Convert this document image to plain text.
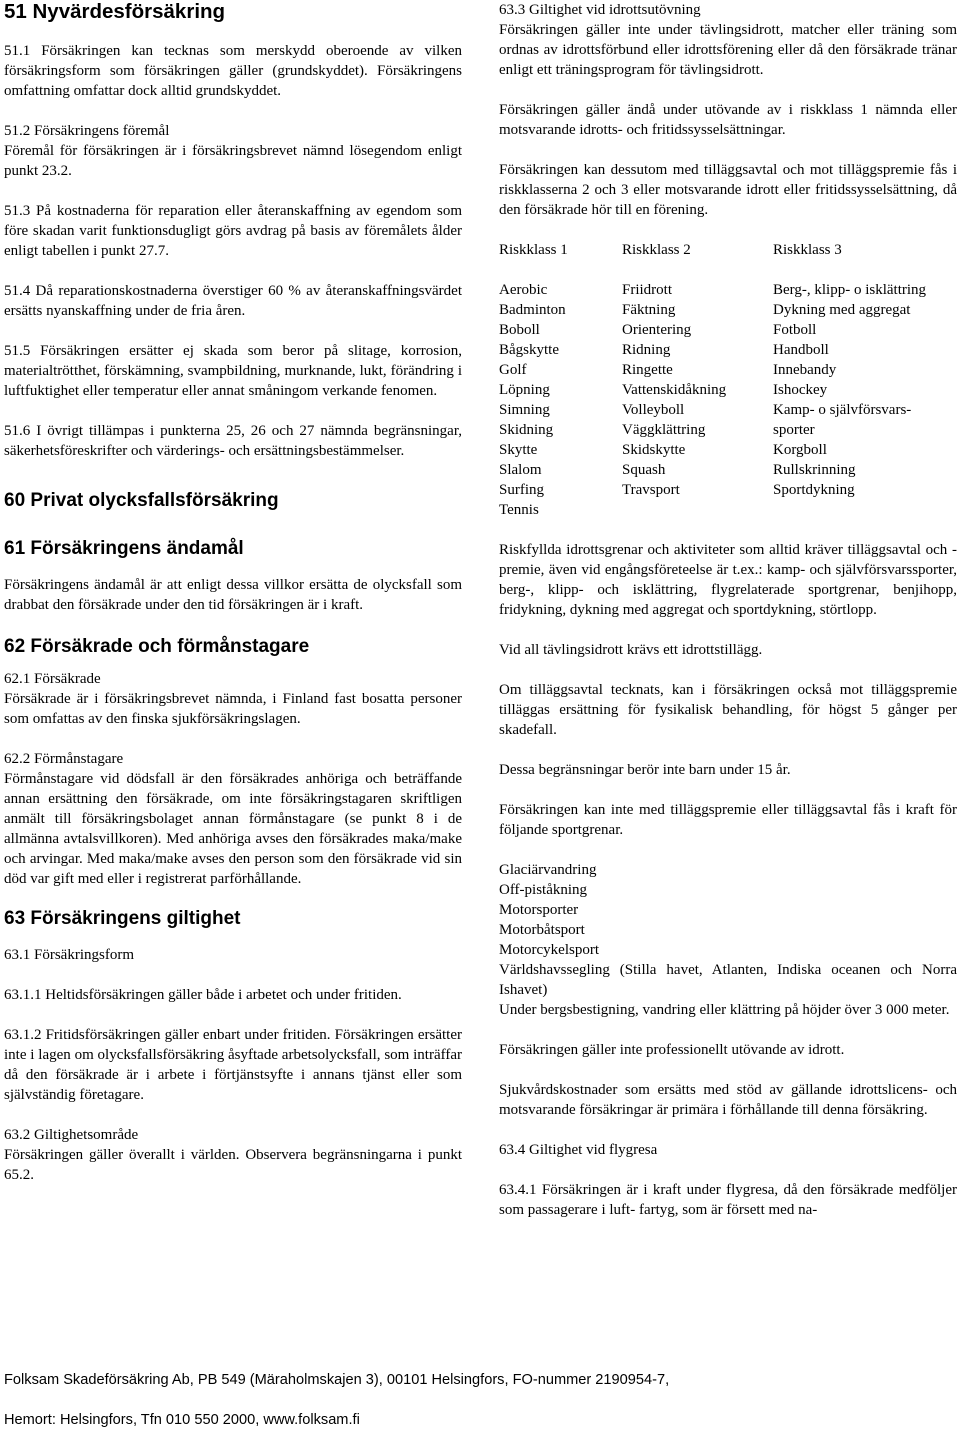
51 Nyvärdesförsäkring

51.1 Försäkringen kan tecknas som merskydd oberoende av vilken försäkringsform som försäkringen gäller (grundskyddet). Försäkringens omfattning omfattar dock alltid grundskyddet.

51.2 Försäkringens föremål

Föremål för försäkringen är i försäkringsbrevet nämnd lösegendom enligt punkt 23.2.

51.3 På kostnaderna för reparation eller återanskaffning av egendom som före skadan varit funktionsdugligt görs avdrag på basis av föremålets ålder enligt tabellen i punkt 27.7.

51.4 Då reparationskostnaderna överstiger 60 % av återanskaffningsvärdet ersätts nyanskaffning under de fria åren.

51.5 Försäkringen ersätter ej skada som beror på slitage, korrosion, materialtrötthet, förskämning, svampbildning, murknande, lukt, förändring i luftfuktighet eller temperatur eller annat småningom verkande fenomen.

51.6 I övrigt tillämpas i punkterna 25, 26 och 27 nämnda begränsningar, säkerhetsföreskrifter och värderings- och ersättningsbestämmelser.

60 Privat olycksfallsförsäkring
61 Försäkringens ändamål

Försäkringens ändamål är att enligt dessa villkor ersätta de olycksfall som drabbat den försäkrade under den tid försäkringen är i kraft.

62 Försäkrade och förmånstagare

62.1 Försäkrade

Försäkrade är i försäkringsbrevet nämnda, i Finland fast bosatta personer som omfattas av den finska sjukförsäkringslagen.

62.2 Förmånstagare

Förmånstagare vid dödsfall är den försäkrades anhöriga och beträffande annan ersättning den försäkrade, om inte försäkringstagaren skriftligen anmält till försäkringsbolaget annan förmånstagare (se punkt 8 i de allmänna avtalsvillkoren). Med anhöriga avses den försäkrades maka/make och arvingar. Med maka/make avses den person som den försäkrade vid sin död var gift med eller i registrerat parförhållande.

63 Försäkringens giltighet

63.1 Försäkringsform

63.1.1 Heltidsförsäkringen gäller både i arbetet och under fritiden.

63.1.2 Fritidsförsäkringen gäller enbart under fritiden. Försäkringen ersätter inte i lagen om olycksfallsförsäkring åsyftade arbetsolycksfall, som inträffar då den försäkrade är i arbete i förtjänstsyfte i annans tjänst eller som självständig företagare.

63.2 Giltighetsområde

Försäkringen gäller överallt i världen. Observera begränsningarna i punkt 65.2.

63.3 Giltighet vid idrottsutövning

Försäkringen gäller inte under tävlingsidrott, matcher eller träning som ordnas av idrottsförbund eller idrottsförening eller då den försäkrade tränar enligt ett träningsprogram för tävlingsidrott.

Försäkringen gäller ändå under utövande av i riskklass 1 nämnda eller motsvarande idrotts- och fritidssysselsättningar.

Försäkringen kan dessutom med tilläggsavtal och mot tilläggspremie fås i riskklasserna 2 och 3 eller motsvarande idrott eller fritidssysselsättning, då den försäkrade hör till en förening.

Riskklass 1	Riskklass 2	Riskklass 3
Aerobic	Friidrott	Berg-, klipp- o isklättring
Badminton	Fäktning	Dykning med aggregat
Boboll	Orientering	Fotboll
Bågskytte	Ridning	Handboll
Golf	Ringette	Innebandy
Löpning	Vattenskidåkning	Ishockey
Simning	Volleyboll	Kamp- o självförsvars-
Skidning	Väggklättring	sporter
Skytte	Skidskytte	Korgboll
Slalom	Squash	Rullskrinning
Surfing	Travsport	Sportdykning
Tennis

Riskfyllda idrottsgrenar och aktiviteter som alltid kräver tilläggsavtal och -premie, även vid engångsföreteelse är t.ex.: kamp- och självförsvarssporter, berg-, klipp- och isklättring, flygrelaterade sportgrenar, benjihopp, fridykning, dykning med aggregat och sportdykning, störtlopp.

Vid all tävlingsidrott krävs ett idrottstillägg.

Om tilläggsavtal tecknats, kan i försäkringen också mot tilläggspremie tilläggas ersättning för fysikalisk behandling, för högst 5 gånger per skadefall.

Dessa begränsningar berör inte barn under 15 år.

Försäkringen kan inte med tilläggspremie eller tilläggsavtal fås i kraft för följande sportgrenar.

Glaciärvandring

Off-piståkning

Motorsporter

Motorbåtsport

Motorcykelsport

Världshavssegling (Stilla havet, Atlanten, Indiska oceanen och Norra Ishavet)

Under bergsbestigning, vandring eller klättring på höjder över 3 000 meter.

Försäkringen gäller inte professionellt utövande av idrott.

Sjukvårdskostnader som ersätts med stöd av gällande idrottslicens- och motsvarande försäkringar är primära i förhållande till denna försäkring.

63.4 Giltighet vid flygresa

63.4.1 Försäkringen är i kraft under flygresa, då den försäkrade medföljer som passagerare i luft- fartyg, som är försett med na-

Folksam Skadeförsäkring Ab, PB 549 (Märaholmskajen 3), 00101 Helsingfors, FO-nummer 2190954-7,

Hemort: Helsingfors, Tfn 010 550 2000, www.folksam.fi
